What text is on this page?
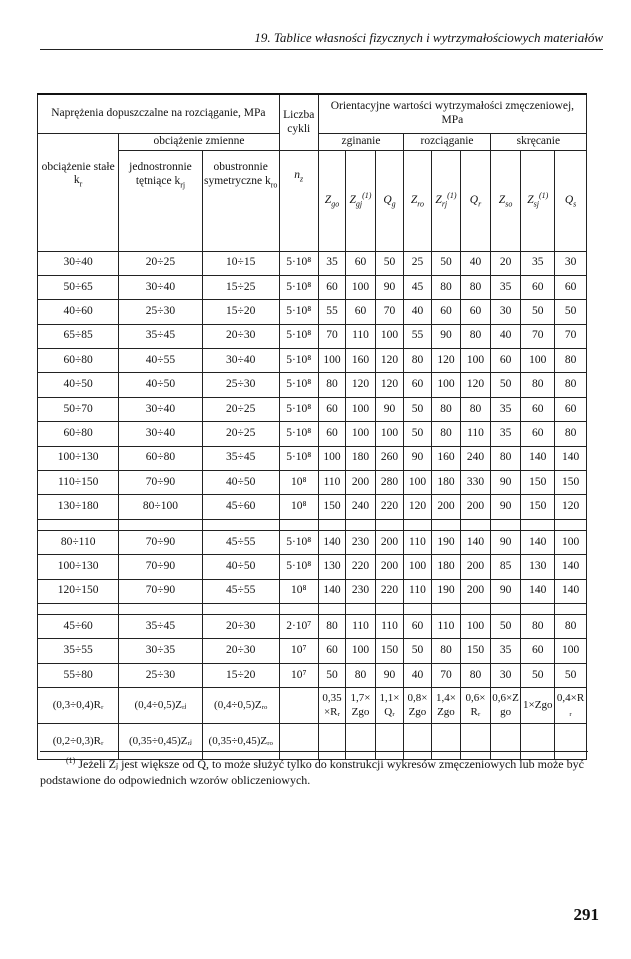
19. Tablice własności fizycznych i wytrzymałościowych materiałów
Naprężenia dopuszczalne na rozciąganie, MPa			Liczba cykli	Orientacyjne wartości wytrzymałości zmęczeniowej, MPa								
	obciążenie zmienne			zginanie			rozciąganie			skręcanie		
obciążenie stałe $k_r$	jednostronnie tętniące $k_{rj}$	obustronnie symetryczne $k_{ro}$	$n_z$	$Z_{go}$	$Z_{gj}^{(1)}$	$Q_g$	$Z_{ro}$	$Z_{rj}^{(1)}$	$Q_r$	$Z_{so}$	$Z_{sj}^{(1)}$	$Q_s$
30÷40	20÷25	10÷15	5·10⁸	35	60	50	25	50	40	20	35	30
50÷65	30÷40	15÷25	5·10⁸	60	100	90	45	80	80	35	60	60
40÷60	25÷30	15÷20	5·10⁸	55	60	70	40	60	60	30	50	50
65÷85	35÷45	20÷30	5·10⁸	70	110	100	55	90	80	40	70	70
60÷80	40÷55	30÷40	5·10⁸	100	160	120	80	120	100	60	100	80
40÷50	40÷50	25÷30	5·10⁸	80	120	120	60	100	120	50	80	80
50÷70	30÷40	20÷25	5·10⁸	60	100	90	50	80	80	35	60	60
60÷80	30÷40	20÷25	5·10⁸	60	100	100	50	80	110	35	60	80
100÷130	60÷80	35÷45	5·10⁸	100	180	260	90	160	240	80	140	140
110÷150	70÷90	40÷50	10⁸	110	200	280	100	180	330	90	150	150
130÷180	80÷100	45÷60	10⁸	150	240	220	120	200	200	90	150	120

80÷110	70÷90	45÷55	5·10⁸	140	230	200	110	190	140	90	140	100
100÷130	70÷90	40÷50	5·10⁸	130	220	200	100	180	200	85	130	140
120÷150	70÷90	45÷55	10⁸	140	230	220	110	190	200	90	140	140

45÷60	35÷45	20÷30	2·10⁷	80	110	110	60	110	100	50	80	80
35÷55	30÷35	20÷30	10⁷	60	100	150	50	80	150	35	60	100
55÷80	25÷30	15÷20	10⁷	50	80	90	40	70	80	30	50	50
(0,3÷0,4)Rᵣ	(0,4÷0,5)Zᵣⱼ	(0,4÷0,5)Zᵣₒ		0,35×Rᵣ	1,7×Zgo	1,1×Qᵣ	0,8×Zgo	1,4×Zgo	0,6×Rᵣ	0,6×Zgo	1×Zgo	0,4×Rᵣ
(0,2÷0,3)Rᵣ	(0,35÷0,45)Zᵣⱼ	(0,35÷0,45)Zᵣₒ										
$^{(1)}$ Jeżeli Zⱼ jest większe od Q, to może służyć tylko do konstrukcji wykresów zmęczeniowych lub może być podstawione do odpowiednich wzorów obliczeniowych.
291
